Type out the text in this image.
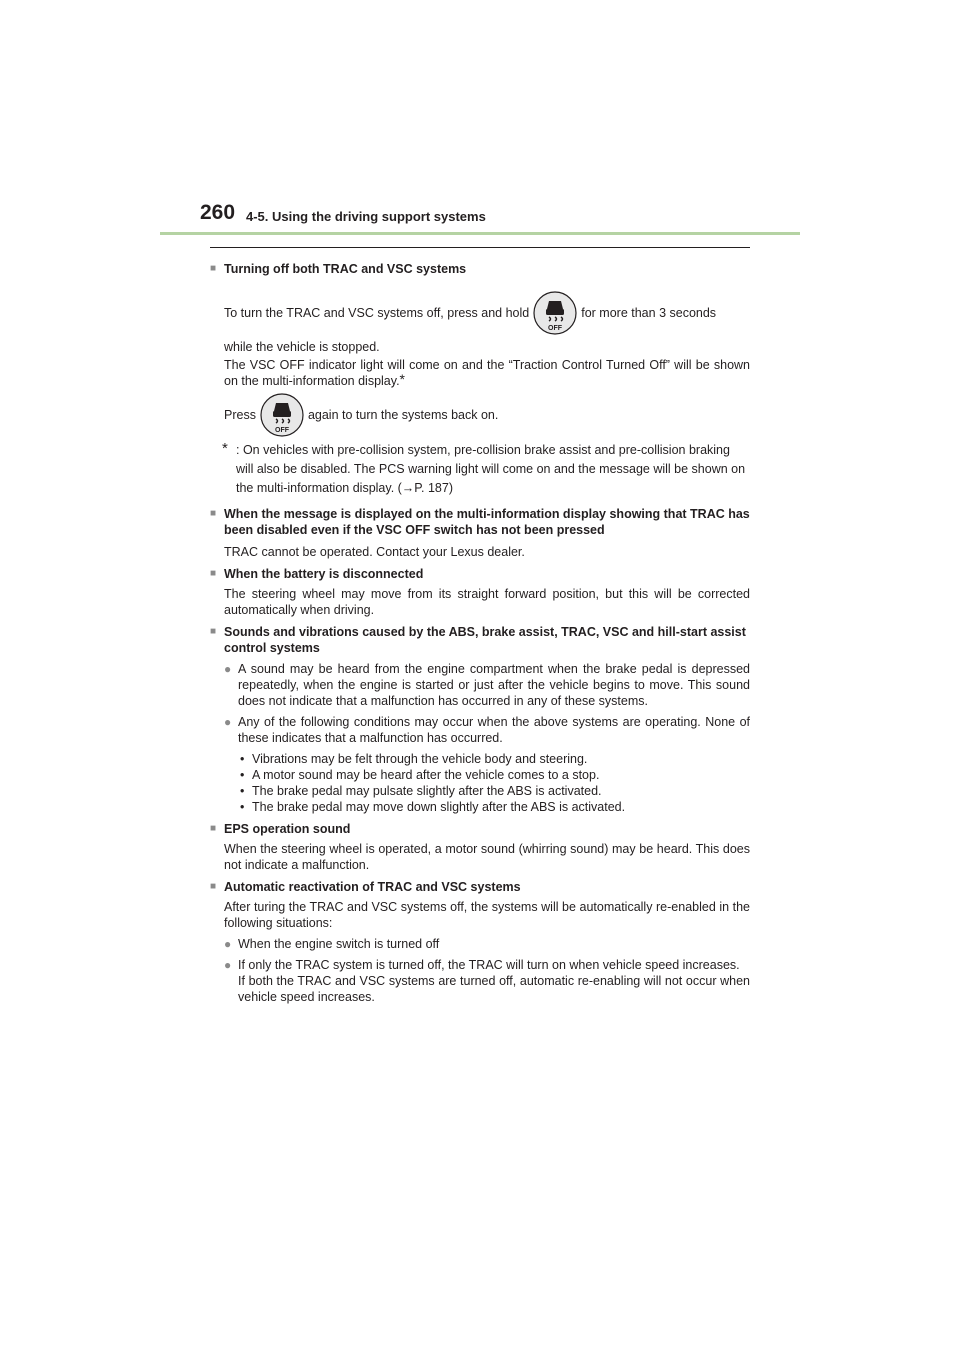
260 4-5. Using the driving support systems
■ Turning off both TRAC and VSC systems
To turn the TRAC and VSC systems off, press and hold
OFF
for more than 3 seconds

while the vehicle is stopped.

The VSC OFF indicator light will come on and the “Traction Control Turned Off” will be shown on the multi-information display.*

Press
OFF
again to turn the systems back on.
* : On vehicles with pre-collision system, pre-collision brake assist and pre-collision braking will also be disabled. The PCS warning light will come on and the message will be shown on the multi-information display. (→P. 187)
■ When the message is displayed on the multi-information display showing that TRAC has been disabled even if the VSC OFF switch has not been pressed

TRAC cannot be operated. Contact your Lexus dealer.

■ When the battery is disconnected

The steering wheel may move from its straight forward position, but this will be corrected automatically when driving.

■ Sounds and vibrations caused by the ABS, brake assist, TRAC, VSC and hill-start assist control systems
● A sound may be heard from the engine compartment when the brake pedal is depressed repeatedly, when the engine is started or just after the vehicle begins to move. This sound does not indicate that a malfunction has occurred in any of these systems.
● Any of the following conditions may occur when the above systems are operating. None of these indicates that a malfunction has occurred.
• Vibrations may be felt through the vehicle body and steering.
• A motor sound may be heard after the vehicle comes to a stop.
• The brake pedal may pulsate slightly after the ABS is activated.
• The brake pedal may move down slightly after the ABS is activated.
■ EPS operation sound

When the steering wheel is operated, a motor sound (whirring sound) may be heard. This does not indicate a malfunction.

■ Automatic reactivation of TRAC and VSC systems

After turing the TRAC and VSC systems off, the systems will be automatically re-enabled in the following situations:

● When the engine switch is turned off
● If only the TRAC system is turned off, the TRAC will turn on when vehicle speed increases.
If both the TRAC and VSC systems are turned off, automatic re-enabling will not occur when vehicle speed increases.
